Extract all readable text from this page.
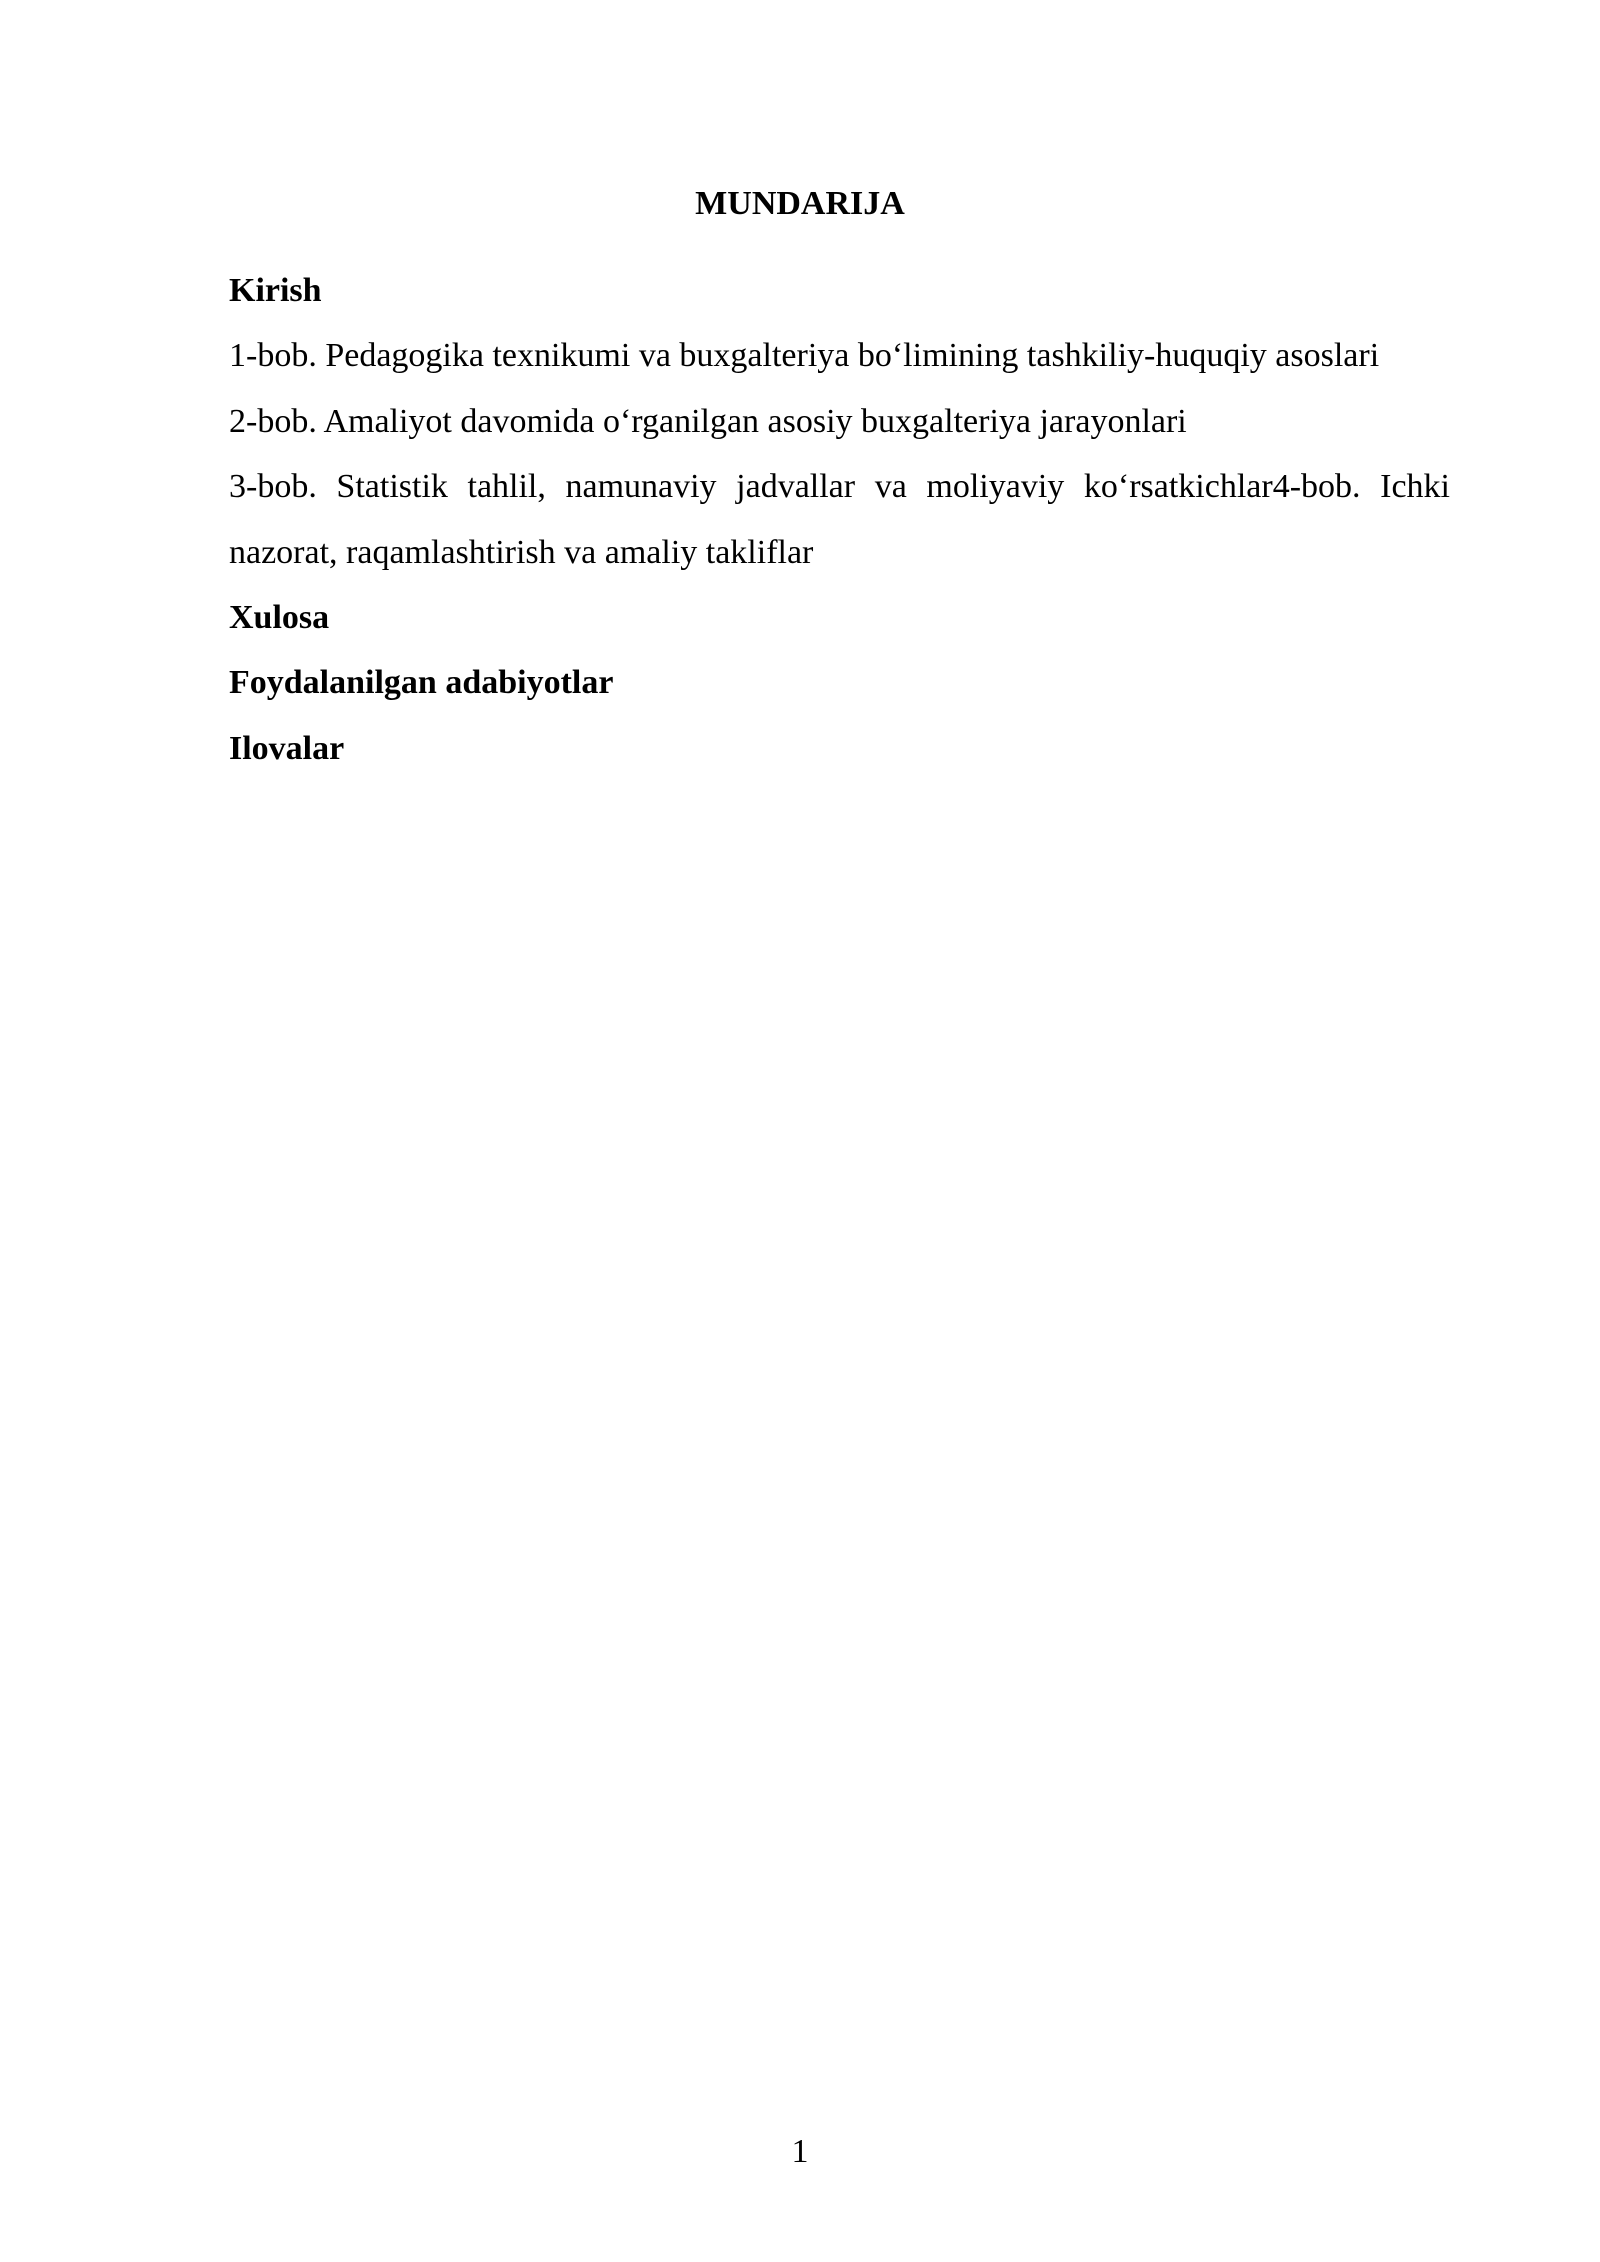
MUNDARIJA
Kirish
1-bob. Pedagogika texnikumi va buxgalteriya bo‘limining tashkiliy-huquqiy asoslari
2-bob. Amaliyot davomida o‘rganilgan asosiy buxgalteriya jarayonlari
3-bob. Statistik tahlil, namunaviy jadvallar va moliyaviy ko‘rsatkichlar4-bob. Ichki nazorat, raqamlashtirish va amaliy takliflar
Xulosa
Foydalanilgan adabiyotlar
Ilovalar
1
